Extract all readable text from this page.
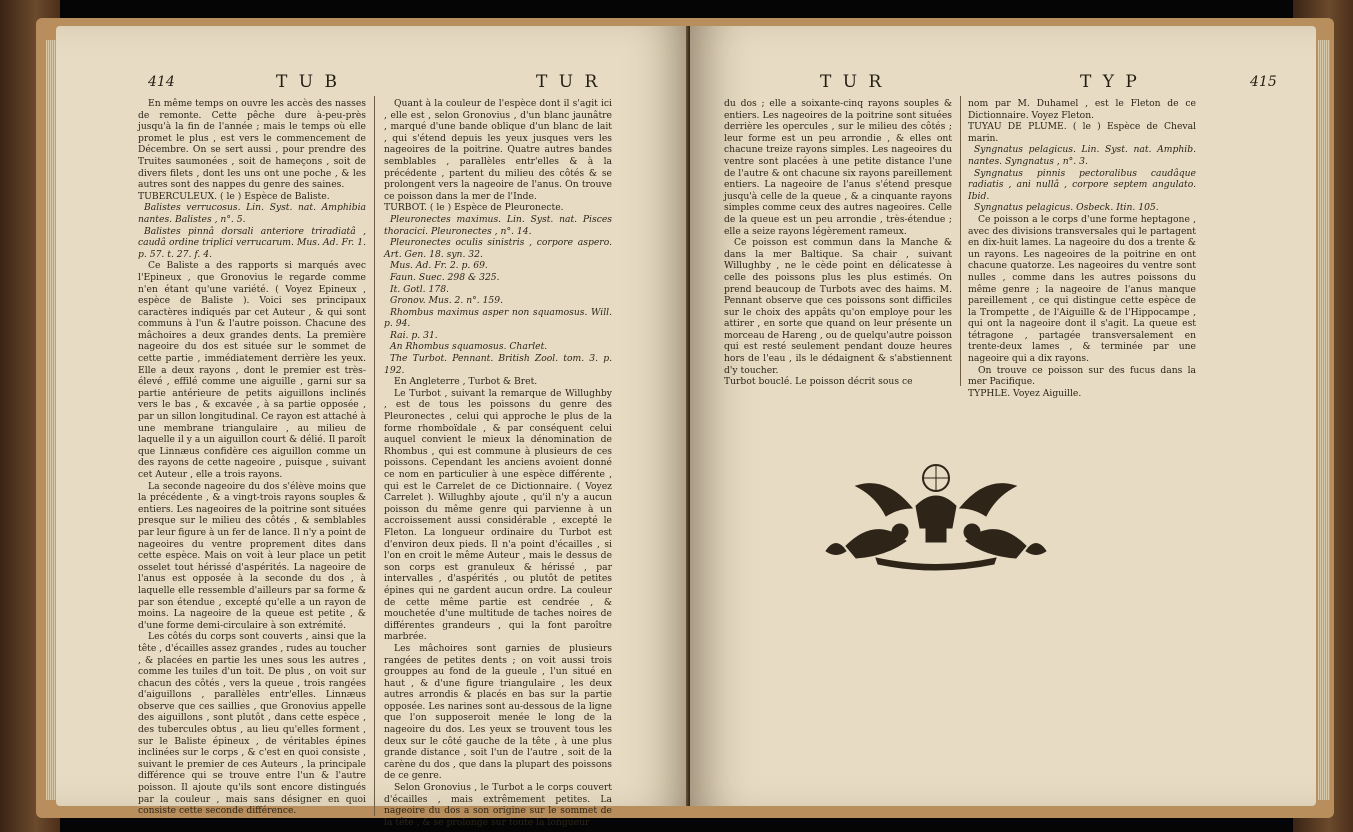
414	T U B	T U R

En même temps on ouvre les accès des nasses de remonte. Cette pêche dure à-peu-près jusqu'à la fin de l'année ; mais le temps où elle promet le plus , est vers le commencement de Décembre. On se sert aussi , pour prendre des Truites saumonées , soit de hameçons , soit de divers filets , dont les uns ont une poche , & les autres sont des nappes du genre des saines.

TUBERCULEUX. ( le ) Espèce de Baliste.

Balistes verrucosus. Lin. Syst. nat. Amphibia nantes. Balistes , n°. 5.

Balistes pinnâ dorsali anteriore triradiatâ , caudâ ordine triplici verrucarum. Mus. Ad. Fr. 1. p. 57. t. 27. f. 4.

Ce Baliste a des rapports si marqués avec l'Epineux , que Gronovius le regarde comme n'en étant qu'une variété. ( Voyez Epineux , espèce de Baliste ). Voici ses principaux caractères indiqués par cet Auteur , & qui sont communs à l'un & l'autre poisson. Chacune des mâchoires a deux grandes dents. La première nageoire du dos est située sur le sommet de cette partie , immédiatement derrière les yeux. Elle a deux rayons , dont le premier est très-élevé , effilé comme une aiguille , garni sur sa partie antérieure de petits aiguillons inclinés vers le bas , & excavée , à sa partie opposée , par un sillon longitudinal. Ce rayon est attaché à une membrane triangulaire , au milieu de laquelle il y a un aiguillon court & délié. Il paroît que Linnæus confidère ces aiguillon comme un des rayons de cette nageoire , puisque , suivant cet Auteur , elle a trois rayons.

La seconde nageoire du dos s'élève moins que la précédente , & a vingt-trois rayons souples & entiers. Les nageoires de la poitrine sont situées presque sur le milieu des côtés , & semblables par leur figure à un fer de lance. Il n'y a point de nageoires du ventre proprement dites dans cette espèce. Mais on voit à leur place un petit osselet tout hérissé d'aspérités. La nageoire de l'anus est opposée à la seconde du dos , à laquelle elle ressemble d'ailleurs par sa forme & par son étendue , excepté qu'elle a un rayon de moins. La nageoire de la queue est petite , & d'une forme demi-circulaire à son extrémité.

Les côtés du corps sont couverts , ainsi que la tête , d'écailles assez grandes , rudes au toucher , & placées en partie les unes sous les autres , comme les tuiles d'un toit. De plus , on voit sur chacun des côtés , vers la queue , trois rangées d'aiguillons , parallèles entr'elles. Linnæus observe que ces saillies , que Gronovius appelle des aiguillons , sont plutôt , dans cette espèce , des tubercules obtus , au lieu qu'elles forment , sur le Baliste épineux , de véritables épines inclinées sur le corps , & c'est en quoi consiste , suivant le premier de ces Auteurs , la principale différence qui se trouve entre l'un & l'autre poisson. Il ajoute qu'ils sont encore distingués par la couleur , mais sans désigner en quoi consiste cette seconde différence.

Quant à la couleur de l'espèce dont il s'agit ici , elle est , selon Gronovius , d'un blanc jaunâtre , marqué d'une bande oblique d'un blanc de lait , qui s'étend depuis les yeux jusques vers les nageoires de la poitrine. Quatre autres bandes semblables , parallèles entr'elles & à la précédente , partent du milieu des côtés & se prolongent vers la nageoire de l'anus. On trouve ce poisson dans la mer de l'Inde.

TURBOT. ( le ) Espèce de Pleuronecte.

Pleuronectes maximus. Lin. Syst. nat. Pisces thoracici. Pleuronectes , n°. 14.

Pleuronectes oculis sinistris , corpore aspero. Art. Gen. 18. syn. 32.

Mus. Ad. Fr. 2. p. 69.

Faun. Suec. 298 & 325.

It. Gotl. 178.

Gronov. Mus. 2. n°. 159.

Rhombus maximus asper non squamosus. Will. p. 94.

Rai. p. 31.

An Rhombus squamosus. Charlet.

The Turbot. Pennant. British Zool. tom. 3. p. 192.

En Angleterre , Turbot & Bret.

Le Turbot , suivant la remarque de Willughby , est de tous les poissons du genre des Pleuronectes , celui qui approche le plus de la forme rhomboïdale , & par conséquent celui auquel convient le mieux la dénomination de Rhombus , qui est commune à plusieurs de ces poissons. Cependant les anciens avoient donné ce nom en particulier à une espèce différente , qui est le Carrelet de ce Dictionnaire. ( Voyez Carrelet ). Willughby ajoute , qu'il n'y a aucun poisson du même genre qui parvienne à un accroissement aussi considérable , excepté le Fleton. La longueur ordinaire du Turbot est d'environ deux pieds. Il n'a point d'écailles , si l'on en croit le même Auteur , mais le dessus de son corps est granuleux & hérissé , par intervalles , d'aspérités , ou plutôt de petites épines qui ne gardent aucun ordre. La couleur de cette même partie est cendrée , & mouchetée d'une multitude de taches noires de différentes grandeurs , qui la font paroître marbrée.

Les mâchoires sont garnies de plusieurs rangées de petites dents ; on voit aussi trois grouppes au fond de la gueule , l'un situé en haut , & d'une figure triangulaire , les deux autres arrondis & placés en bas sur la partie opposée. Les narines sont au-dessous de la ligne que l'on supposeroit menée le long de la nageoire du dos. Les yeux se trouvent tous les deux sur le côté gauche de la tête , à une plus grande distance , soit l'un de l'autre , soit de la carène du dos , que dans la plupart des poissons de ce genre.

Selon Gronovius , le Turbot a le corps couvert d'écailles , mais extrêmement petites. La nageoire du dos a son origine sur le sommet de la tête , & se prolonge sur toute la longueur

T U R	T Y P	415

du dos ; elle a soixante-cinq rayons souples & entiers. Les nageoires de la poitrine sont situées derrière les opercules , sur le milieu des côtés ; leur forme est un peu arrondie , & elles ont chacune treize rayons simples. Les nageoires du ventre sont placées à une petite distance l'une de l'autre & ont chacune six rayons pareillement entiers. La nageoire de l'anus s'étend presque jusqu'à celle de la queue , & a cinquante rayons simples comme ceux des autres nageoires. Celle de la queue est un peu arrondie , très-étendue ; elle a seize rayons légèrement rameux.

Ce poisson est commun dans la Manche & dans la mer Baltique. Sa chair , suivant Willughby , ne le cède point en délicatesse à celle des poissons plus les plus estimés. On prend beaucoup de Turbots avec des haims. M. Pennant observe que ces poissons sont difficiles sur le choix des appâts qu'on employe pour les attirer , en sorte que quand on leur présente un morceau de Hareng , ou de quelqu'autre poisson qui est resté seulement pendant douze heures hors de l'eau , ils le dédaignent & s'abstiennent d'y toucher.

Turbot bouclé. Le poisson décrit sous ce

nom par M. Duhamel , est le Fleton de ce Dictionnaire. Voyez Fleton.

TUYAU DE PLUME. ( le ) Espèce de Cheval marin.

Syngnatus pelagicus. Lin. Syst. nat. Amphib. nantes. Syngnatus , n°. 3.

Syngnatus pinnis pectoralibus caudâque radiatis , ani nullâ , corpore septem angulato. Ibid.

Syngnatus pelagicus. Osbeck. Itin. 105.

Ce poisson a le corps d'une forme heptagone , avec des divisions transversales qui le partagent en dix-huit lames. La nageoire du dos a trente & un rayons. Les nageoires de la poitrine en ont chacune quatorze. Les nageoires du ventre sont nulles , comme dans les autres poissons du même genre ; la nageoire de l'anus manque pareillement , ce qui distingue cette espèce de la Trompette , de l'Aiguille & de l'Hippocampe , qui ont la nageoire dont il s'agit. La queue est tétragone , partagée transversalement en trente-deux lames , & terminée par une nageoire qui a dix rayons.

On trouve ce poisson sur des fucus dans la mer Pacifique.

TYPHLE. Voyez Aiguille.
